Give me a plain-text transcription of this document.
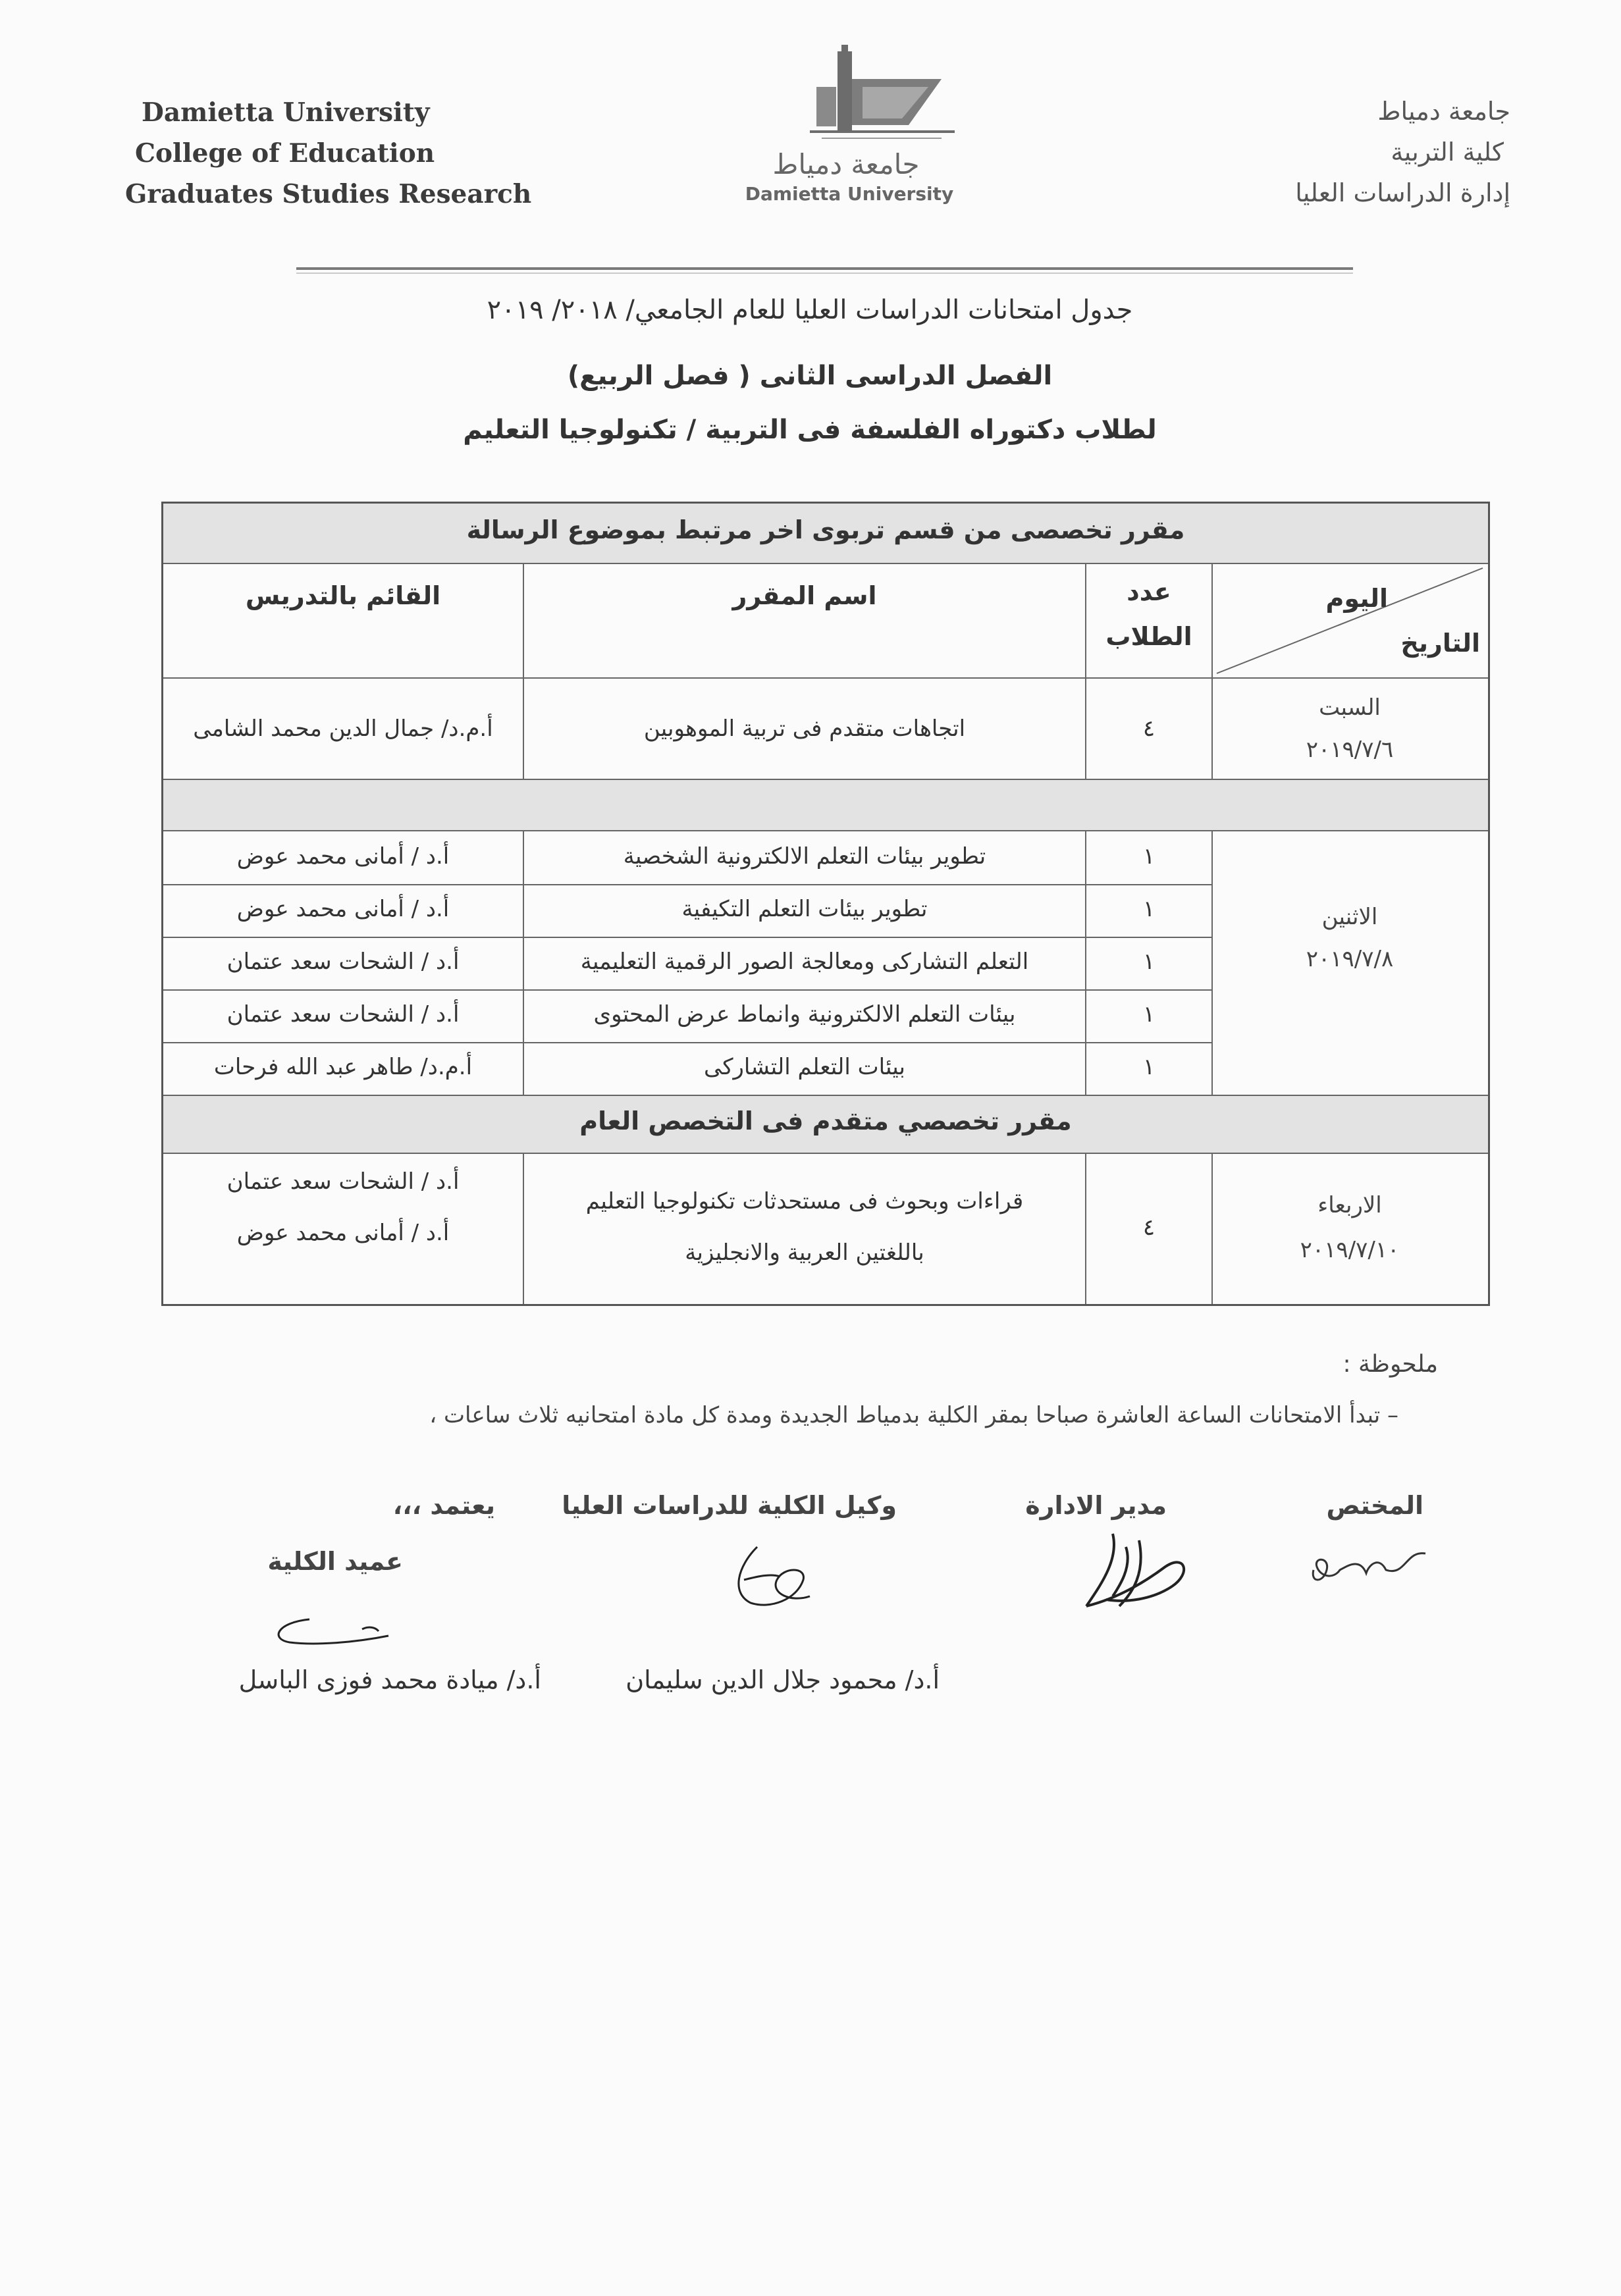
Damietta University
College of Education
Graduates Studies Research
جامعة دمياط
Damietta University
جامعة دمياط
كلية التربية
إدارة الدراسات العليا
جدول امتحانات الدراسات العليا للعام الجامعي/ ٢٠١٨/ ٢٠١٩
الفصل الدراسى الثانى ( فصل الربيع)
لطلاب دكتوراه الفلسفة فى التربية / تكنولوجيا التعليم
مقرر تخصصى من قسم تربوى اخر مرتبط بموضوع الرسالة
اليوم
التاريخ
عدد
الطلاب
اسم المقرر
القائم بالتدريس
السبت
٢٠١٩/٧/٦
٤
اتجاهات متقدم فى تربية الموهوبين
أ.م.د/ جمال الدين محمد الشامى
الاثنين
٢٠١٩/٧/٨
١
تطوير بيئات التعلم الالكترونية الشخصية
أ.د / أمانى محمد عوض
١
تطوير بيئات التعلم التكيفية
أ.د / أمانى محمد عوض
١
التعلم التشاركى ومعالجة الصور الرقمية التعليمية
أ.د / الشحات سعد عتمان
١
بيئات التعلم الالكترونية وانماط عرض المحتوى
أ.د / الشحات سعد عتمان
١
بيئات التعلم التشاركى
أ.م.د/ طاهر عبد الله فرحات
مقرر تخصصي متقدم فى التخصص العام
الاربعاء
٢٠١٩/٧/١٠
٤
قراءات وبحوث فى مستحدثات تكنولوجيا التعليم
باللغتين العربية والانجليزية
أ.د / الشحات سعد عتمان
أ.د / أمانى محمد عوض
ملحوظة :
– تبدأ الامتحانات الساعة العاشرة صباحا بمقر الكلية بدمياط الجديدة ومدة كل مادة امتحانيه ثلاث ساعات ،
المختص
مدير الادارة
وكيل الكلية للدراسات العليا
يعتمد ،،،
عميد الكلية
أ.د/ محمود جلال الدين سليمان
أ.د/ ميادة محمد فوزى الباسل
